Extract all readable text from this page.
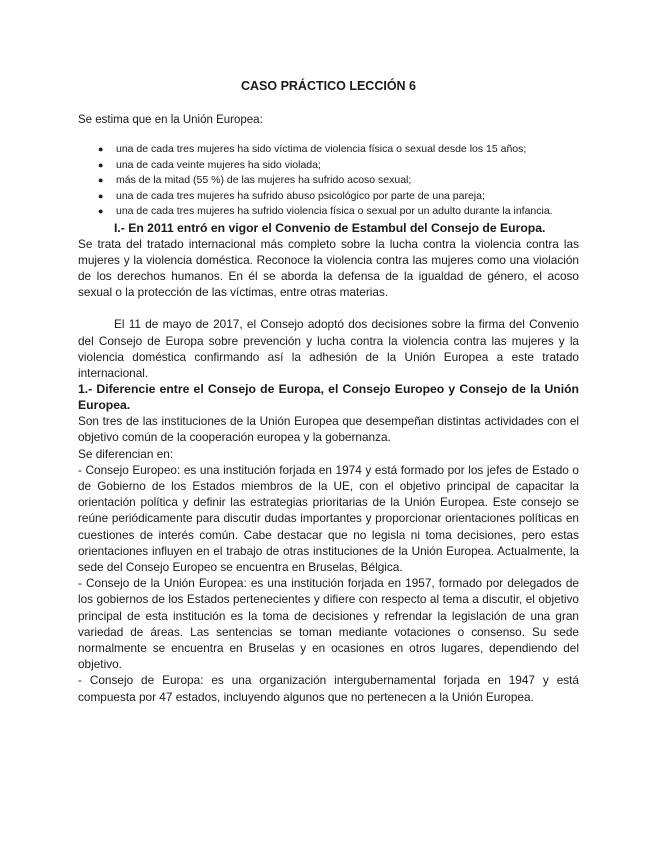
CASO PRÁCTICO LECCIÓN 6

Se estima que en la Unión Europea:

● una de cada tres mujeres ha sido víctima de violencia física o sexual desde los 15 años;
● una de cada veinte mujeres ha sido violada;
● más de la mitad (55 %) de las mujeres ha sufrido acoso sexual;
● una de cada tres mujeres ha sufrido abuso psicológico por parte de una pareja;
● una de cada tres mujeres ha sufrido violencia física o sexual por un adulto durante la infancia.

I.- En 2011 entró en vigor el Convenio de Estambul del Consejo de Europa.

Se trata del tratado internacional más completo sobre la lucha contra la violencia contra las mujeres y la violencia doméstica. Reconoce la violencia contra las mujeres como una violación de los derechos humanos. En él se aborda la defensa de la igualdad de género, el acoso sexual o la protección de las víctimas, entre otras materias.

El 11 de mayo de 2017, el Consejo adoptó dos decisiones sobre la firma del Convenio del Consejo de Europa sobre prevención y lucha contra la violencia contra las mujeres y la violencia doméstica confirmando así la adhesión de la Unión Europea a este tratado internacional.

1.- Diferencie entre el Consejo de Europa, el Consejo Europeo y Consejo de la Unión Europea.

Son tres de las instituciones de la Unión Europea que desempeñan distintas actividades con el objetivo común de la cooperación europea y la gobernanza.

Se diferencian en:

- Consejo Europeo: es una institución forjada en 1974 y está formado por los jefes de Estado o de Gobierno de los Estados miembros de la UE, con el objetivo principal de capacitar la orientación política y definir las estrategias prioritarias de la Unión Europea. Este consejo se reúne periódicamente para discutir dudas importantes y proporcionar orientaciones políticas en cuestiones de interés común. Cabe destacar que no legisla ni toma decisiones, pero estas orientaciones influyen en el trabajo de otras instituciones de la Unión Europea. Actualmente, la sede del Consejo Europeo se encuentra en Bruselas, Bélgica.

- Consejo de la Unión Europea: es una institución forjada en 1957, formado por delegados de los gobiernos de los Estados pertenecientes y difiere con respecto al tema a discutir, el objetivo principal de esta institución es la toma de decisiones y refrendar la legislación de una gran variedad de áreas. Las sentencias se toman mediante votaciones o consenso. Su sede normalmente se encuentra en Bruselas y en ocasiones en otros lugares, dependiendo del objetivo.

- Consejo de Europa: es una organización intergubernamental forjada en 1947 y está compuesta por 47 estados, incluyendo algunos que no pertenecen a la Unión Europea.
